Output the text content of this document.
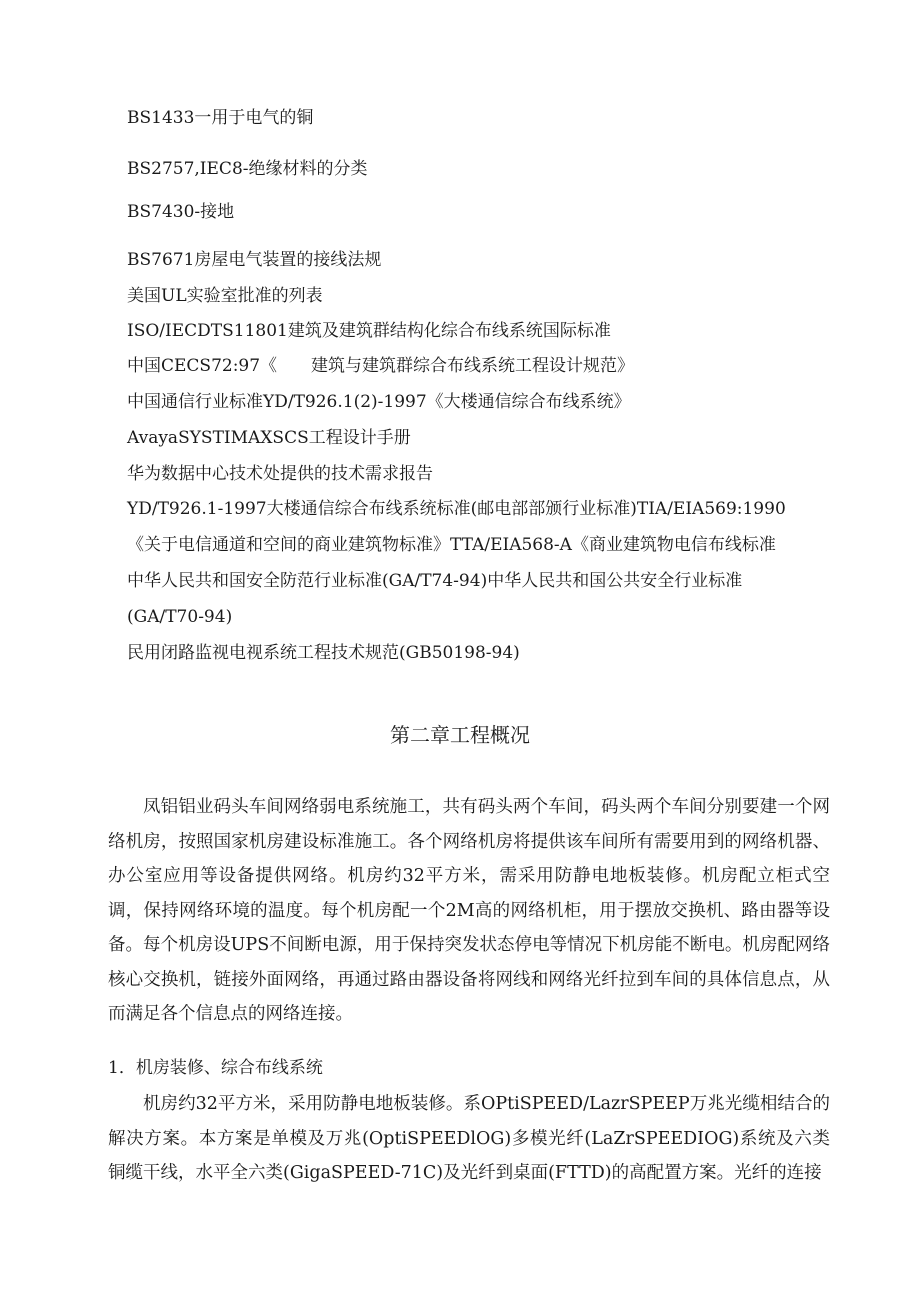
BS1433一用于电气的铜
BS2757,IEC8-绝缘材料的分类
BS7430-接地
BS7671房屋电气装置的接线法规
美国UL实验室批准的列表
ISO/IECDTS11801建筑及建筑群结构化综合布线系统国际标准
中国CECS72:97《　　建筑与建筑群综合布线系统工程设计规范》
中国通信行业标准YD/T926.1(2)-1997《大楼通信综合布线系统》
AvayaSYSTIMAXSCS工程设计手册
华为数据中心技术处提供的技术需求报告
YD/T926.1-1997大楼通信综合布线系统标准(邮电部部颁行业标准)TIA/EIA569:1990
《关于电信通道和空间的商业建筑物标准》TTA/EIA568-A《商业建筑物电信布线标准
中华人民共和国安全防范行业标准(GA/T74-94)中华人民共和国公共安全行业标准
(GA/T70-94)
民用闭路监视电视系统工程技术规范(GB50198-94)
第二章工程概况

凤铝铝业码头车间网络弱电系统施工，共有码头两个车间，码头两个车间分别要建一个网络机房，按照国家机房建设标准施工。各个网络机房将提供该车间所有需要用到的网络机器、办公室应用等设备提供网络。机房约32平方米，需采用防静电地板装修。机房配立柜式空调，保持网络环境的温度。每个机房配一个2M高的网络机柜，用于摆放交换机、路由器等设备。每个机房设UPS不间断电源，用于保持突发状态停电等情况下机房能不断电。机房配网络核心交换机，链接外面网络，再通过路由器设备将网线和网络光纤拉到车间的具体信息点，从而满足各个信息点的网络连接。

1．机房装修、综合布线系统

机房约32平方米，采用防静电地板装修。系OPtiSPEED/LazrSPEEP万兆光缆相结合的解决方案。本方案是单模及万兆(OptiSPEEDlOG)多模光纤(LaZrSPEEDIOG)系统及六类铜缆干线，水平全六类(GigaSPEED-71C)及光纤到桌面(FTTD)的高配置方案。光纤的连接
